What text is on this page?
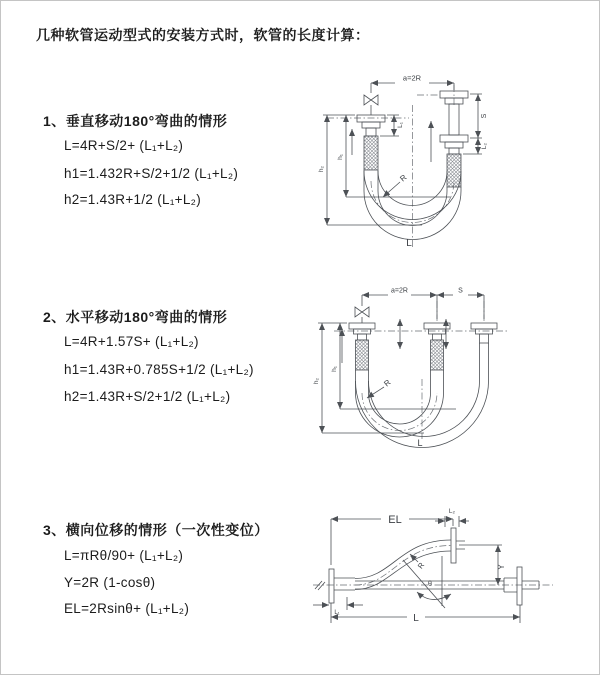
几种软管运动型式的安装方式时，软管的长度计算：
1、垂直移动180°弯曲的情形
L=4R+S/2+ (L₁+L₂)
h1=1.432R+S/2+1/2 (L₁+L₂)
h2=1.43R+1/2 (L₁+L₂)
2、水平移动180°弯曲的情形
L=4R+1.57S+ (L₁+L₂)
h1=1.43R+0.785S+1/2 (L₁+L₂)
h2=1.43R+S/2+1/2 (L₁+L₂)
3、横向位移的情形（一次性变位）
L=πRθ/90+ (L₁+L₂)
Y=2R (1-cosθ)
EL=2Rsinθ+ (L₁+L₂)
a=2R
L₁
S
L₂
h₁
h₂
R
L
a=2R	S
h₁
h₂	R
L
EL
L₂
Y
θ
R
L
L₁
